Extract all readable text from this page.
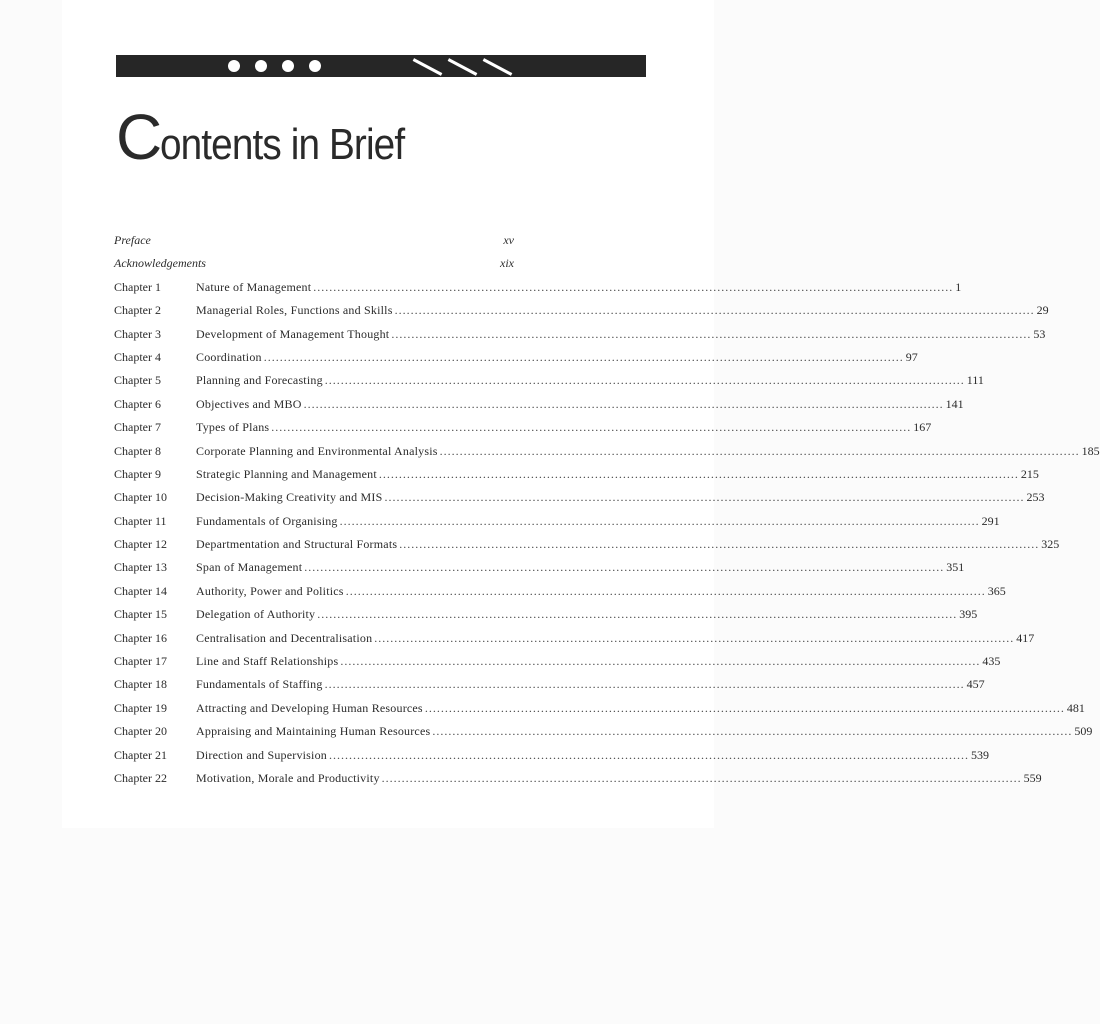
Contents in Brief
Preface	xv
Acknowledgements	xix
Chapter 1	Nature of Management ................................................................................................................................................................ 1
Chapter 2	Managerial Roles, Functions and Skills ................................................................................................................................................................ 29
Chapter 3	Development of Management Thought ................................................................................................................................................................ 53
Chapter 4	Coordination ................................................................................................................................................................ 97
Chapter 5	Planning and Forecasting ................................................................................................................................................................ 111
Chapter 6	Objectives and MBO ................................................................................................................................................................ 141
Chapter 7	Types of Plans ................................................................................................................................................................ 167
Chapter 8	Corporate Planning and Environmental Analysis ................................................................................................................................................................ 185
Chapter 9	Strategic Planning and Management ................................................................................................................................................................ 215
Chapter 10 Decision-Making Creativity and MIS ................................................................................................................................................................ 253
Chapter 11 Fundamentals of Organising ................................................................................................................................................................ 291
Chapter 12 Departmentation and Structural Formats ................................................................................................................................................................ 325
Chapter 13 Span of Management ................................................................................................................................................................ 351
Chapter 14 Authority, Power and Politics ................................................................................................................................................................ 365
Chapter 15 Delegation of Authority ................................................................................................................................................................ 395
Chapter 16 Centralisation and Decentralisation ................................................................................................................................................................ 417
Chapter 17 Line and Staff Relationships ................................................................................................................................................................ 435
Chapter 18 Fundamentals of Staffing ................................................................................................................................................................ 457
Chapter 19 Attracting and Developing Human Resources ................................................................................................................................................................ 481
Chapter 20 Appraising and Maintaining Human Resources ................................................................................................................................................................ 509
Chapter 21 Direction and Supervision ................................................................................................................................................................ 539
Chapter 22 Motivation, Morale and Productivity ................................................................................................................................................................ 559
